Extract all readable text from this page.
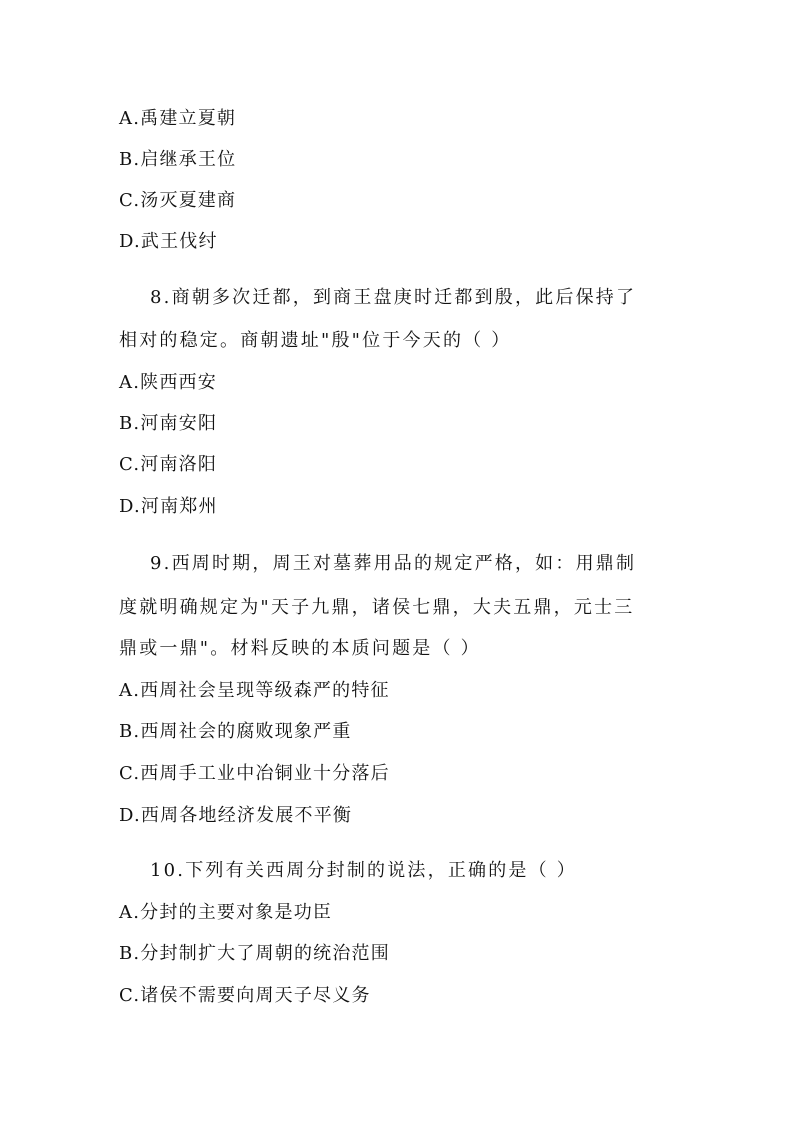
A.禹建立夏朝
B.启继承王位
C.汤灭夏建商
D.武王伐纣
8.商朝多次迁都，到商王盘庚时迁都到殷，此后保持了
相对的稳定。商朝遗址"殷"位于今天的（ ）
A.陕西西安
B.河南安阳
C.河南洛阳
D.河南郑州
9.西周时期，周王对墓葬用品的规定严格，如：用鼎制
度就明确规定为"天子九鼎，诸侯七鼎，大夫五鼎，元士三
鼎或一鼎"。材料反映的本质问题是（ ）
A.西周社会呈现等级森严的特征
B.西周社会的腐败现象严重
C.西周手工业中冶铜业十分落后
D.西周各地经济发展不平衡
10.下列有关西周分封制的说法，正确的是（ ）
A.分封的主要对象是功臣
B.分封制扩大了周朝的统治范围
C.诸侯不需要向周天子尽义务
